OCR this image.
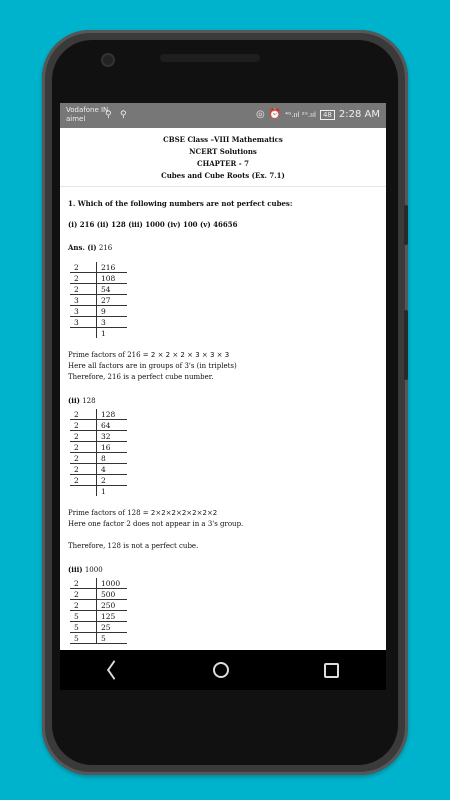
Vodafone IN
aimel	⚲ ⚲	◎ ⏰ ⁴ᴳ.ııl ²ᴳ.ııl	48 2:28 AM
CBSE Class –VIII Mathematics
NCERT Solutions
CHAPTER - 7
Cubes and Cube Roots (Ex. 7.1)
1. Which of the following numbers are not perfect cubes:
(i) 216 (ii) 128 (iii) 1000 (iv) 100 (v) 46656
Ans. (i) 216
2	216
2	108
2	54
3	27
3	9
3	3
	1
Prime factors of 216 = 2 × 2 × 2 × 3 × 3 × 3
Here all factors are in groups of 3's (in triplets)
Therefore, 216 is a perfect cube number.
(ii) 128
2	128
2	64
2	32
2	16
2	8
2	4
2	2
	1
Prime factors of 128 = 2×2×2×2×2×2×2
Here one factor 2 does not appear in a 3's group.
Therefore, 128 is not a perfect cube.
(iii) 1000
2	1000
2	500
2	250
5	125
5	25
5	5
